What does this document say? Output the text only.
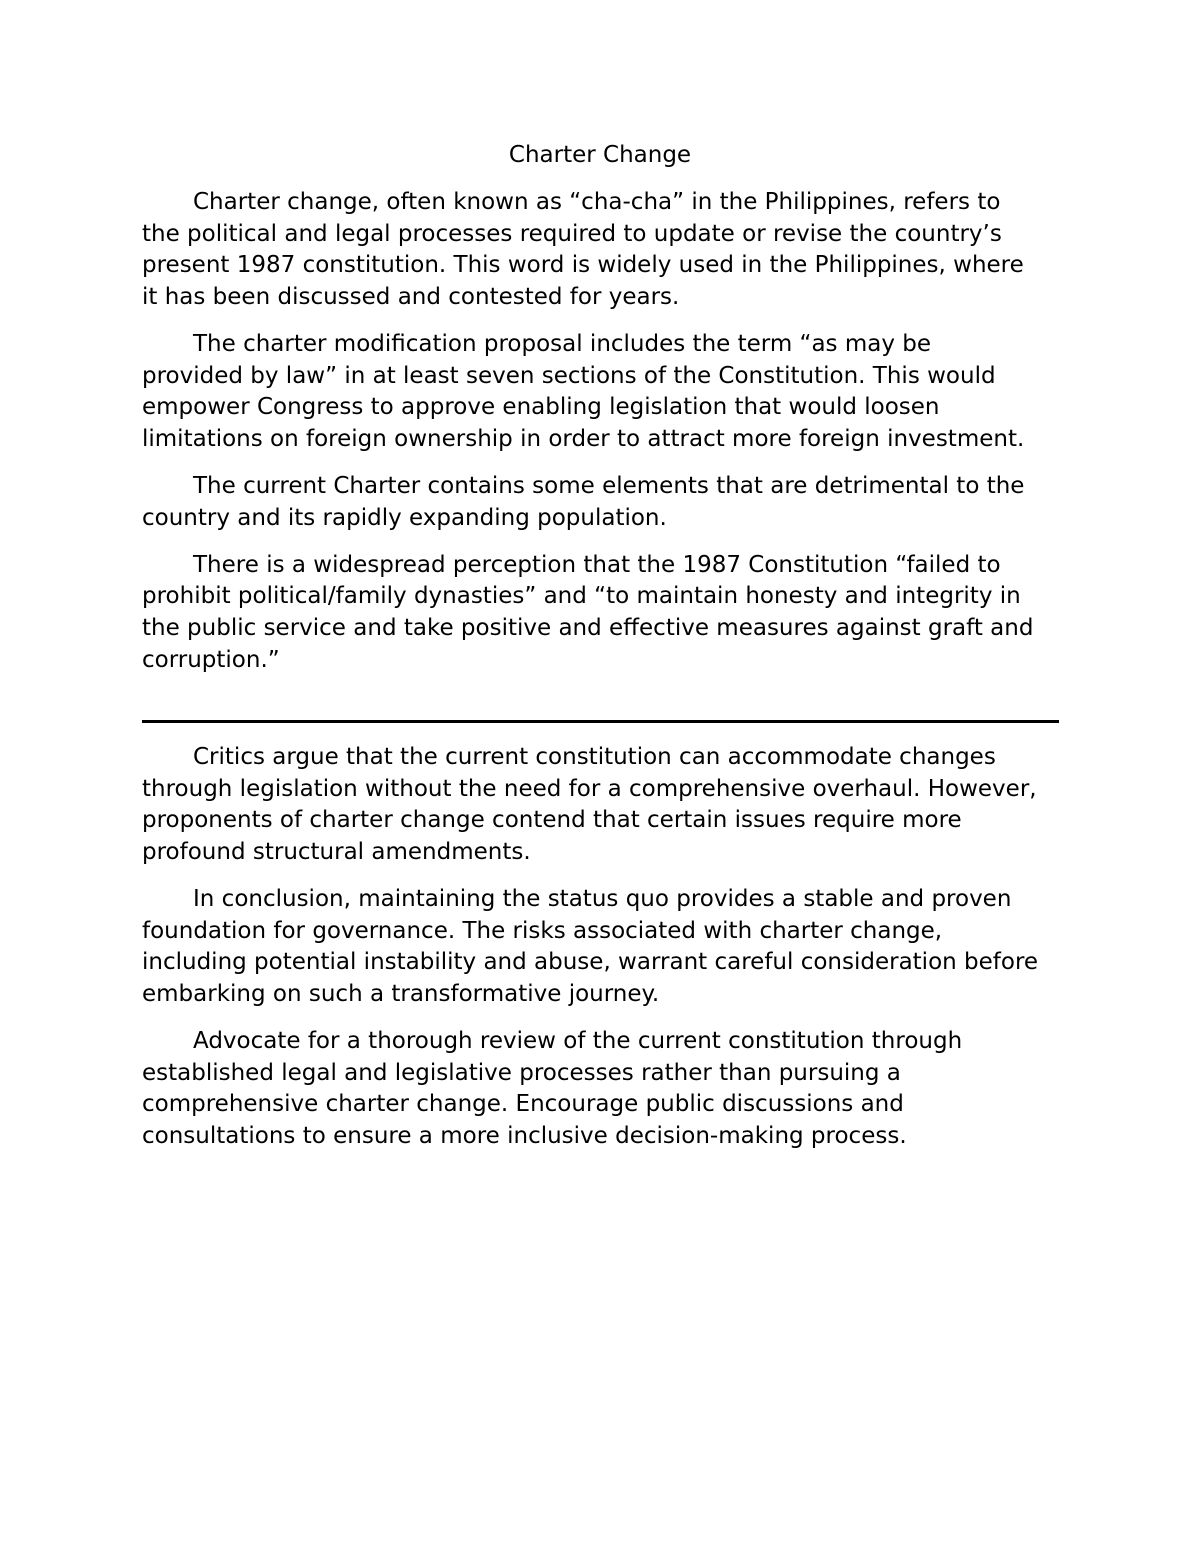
Charter Change
Charter change, often known as “cha-cha” in the Philippines, refers to
the political and legal processes required to update or revise the country’s
present 1987 constitution. This word is widely used in the Philippines, where
it has been discussed and contested for years.
The charter modification proposal includes the term “as may be
provided by law” in at least seven sections of the Constitution. This would
empower Congress to approve enabling legislation that would loosen
limitations on foreign ownership in order to attract more foreign investment.
The current Charter contains some elements that are detrimental to the
country and its rapidly expanding population.
There is a widespread perception that the 1987 Constitution “failed to
prohibit political/family dynasties” and “to maintain honesty and integrity in
the public service and take positive and effective measures against graft and
corruption.”
Critics argue that the current constitution can accommodate changes
through legislation without the need for a comprehensive overhaul. However,
proponents of charter change contend that certain issues require more
profound structural amendments.
In conclusion, maintaining the status quo provides a stable and proven
foundation for governance. The risks associated with charter change,
including potential instability and abuse, warrant careful consideration before
embarking on such a transformative journey.
Advocate for a thorough review of the current constitution through
established legal and legislative processes rather than pursuing a
comprehensive charter change. Encourage public discussions and
consultations to ensure a more inclusive decision-making process.
